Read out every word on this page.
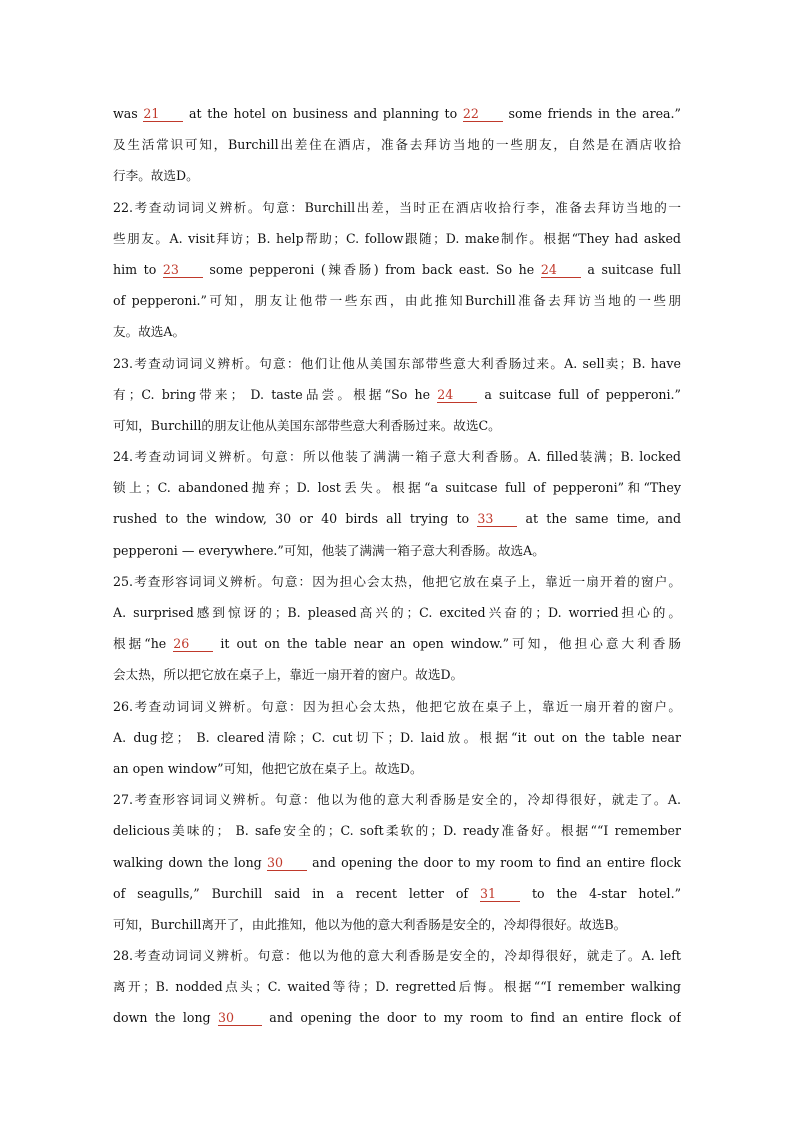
was 21 at the hotel on business and planning to 22 some friends in the area.”
及生活常识可知，Burchill出差住在酒店，准备去拜访当地的一些朋友，自然是在酒店收拾
行李。故选D。
22.考查动词词义辨析。句意：Burchill出差，当时正在酒店收拾行李，准备去拜访当地的一
些朋友。A. visit拜访；B. help帮助；C. follow跟随；D. make制作。根据“They had asked
him to 23 some pepperoni (辣香肠) from back east. So he 24 a suitcase full
of pepperoni.”可知，朋友让他带一些东西，由此推知Burchill准备去拜访当地的一些朋
友。故选A。
23.考查动词词义辨析。句意：他们让他从美国东部带些意大利香肠过来。A. sell卖；B. have
有；C. bring带来； D. taste品尝。根据“So he 24 a suitcase full of pepperoni.”
可知，Burchill的朋友让他从美国东部带些意大利香肠过来。故选C。
24.考查动词词义辨析。句意：所以他装了满满一箱子意大利香肠。A. filled装满；B. locked
锁上；C. abandoned抛弃；D. lost丢失。根据“a suitcase full of pepperoni”和“They
rushed to the window, 30 or 40 birds all trying to 33 at the same time, and
pepperoni — everywhere.”可知，他装了满满一箱子意大利香肠。故选A。
25.考查形容词词义辨析。句意：因为担心会太热，他把它放在桌子上，靠近一扇开着的窗户。
A. surprised感到惊讶的；B. pleased高兴的；C. excited兴奋的；D. worried担心的。
根据“he 26 it out on the table near an open window.”可知，他担心意大利香肠
会太热，所以把它放在桌子上，靠近一扇开着的窗户。故选D。
26.考查动词词义辨析。句意：因为担心会太热，他把它放在桌子上，靠近一扇开着的窗户。
A. dug挖； B. cleared清除；C. cut切下；D. laid放。根据“it out on the table near
an open window”可知，他把它放在桌子上。故选D。
27.考查形容词词义辨析。句意：他以为他的意大利香肠是安全的，冷却得很好，就走了。A.
delicious美味的； B. safe安全的；C. soft柔软的；D. ready准备好。根据““I remember
walking down the long 30 and opening the door to my room to find an entire flock
of seagulls,” Burchill said in a recent letter of 31 to the 4-star hotel.”
可知，Burchill离开了，由此推知，他以为他的意大利香肠是安全的，冷却得很好。故选B。
28.考查动词词义辨析。句意：他以为他的意大利香肠是安全的，冷却得很好，就走了。A. left
离开；B. nodded点头；C. waited等待；D. regretted后悔。根据““I remember walking
down the long 30 and opening the door to my room to find an entire flock of
